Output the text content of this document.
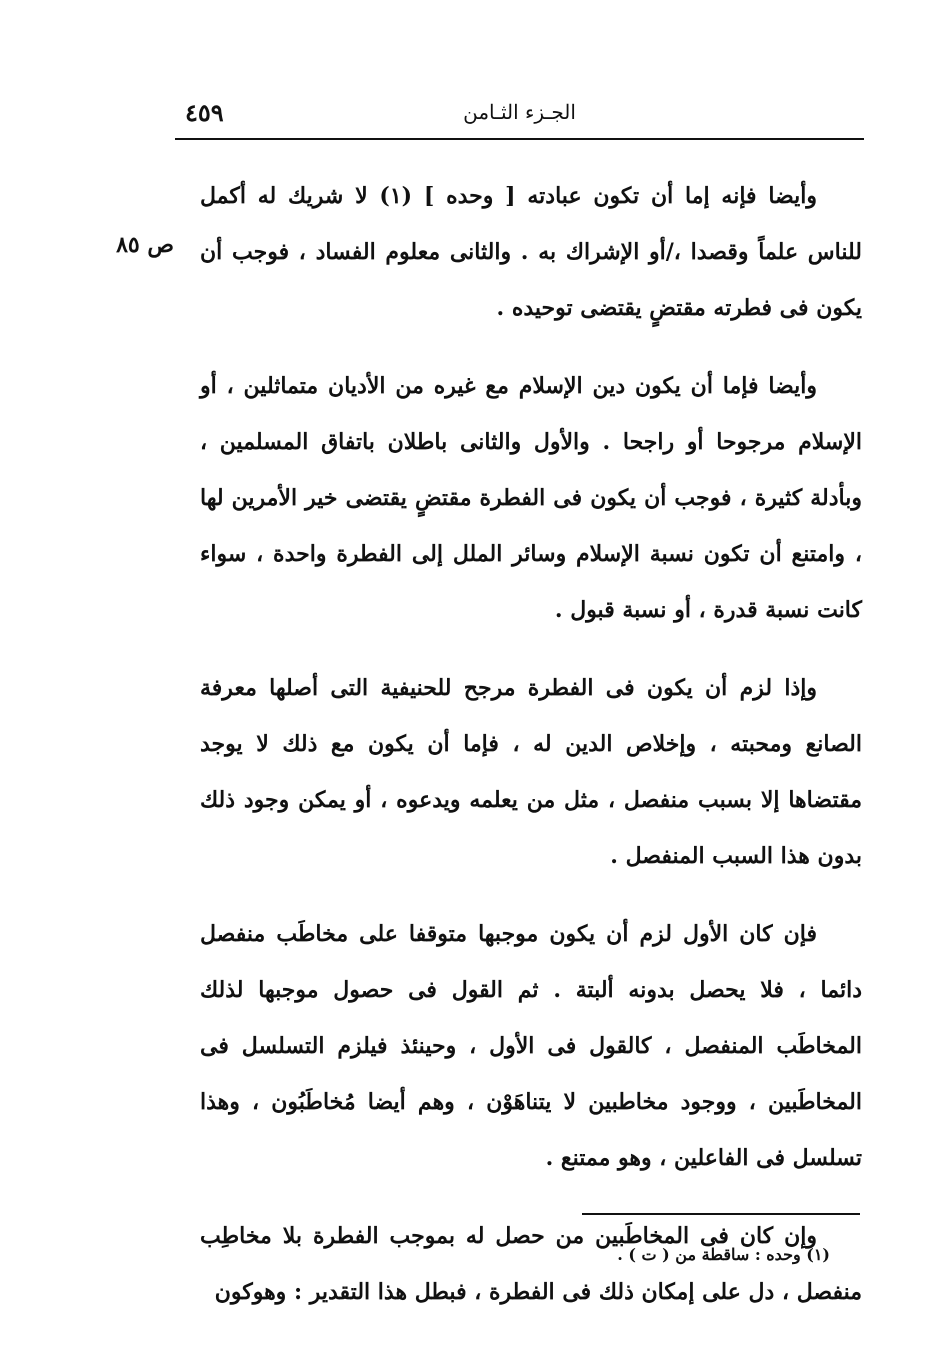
٤٥٩	الجـزء الثـامن
ص ٨٥

وأيضا فإنه إما أن تكون عبادته [ وحده ] (١) لا شريك له أكمل للناس علماً وقصدا ،/أو الإشراك به . والثانى معلوم الفساد ، فوجب أن يكون فى فطرته مقتضٍ يقتضى توحيده .

وأيضا فإما أن يكون دين الإسلام مع غيره من الأديان متماثلين ، أو الإسلام مرجوحا أو راجحا . والأول والثانى باطلان باتفاق المسلمين ، وبأدلة كثيرة ، فوجب أن يكون فى الفطرة مقتضٍ يقتضى خير الأمرين لها ، وامتنع أن تكون نسبة الإسلام وسائر الملل إلى الفطرة واحدة ، سواء كانت نسبة قدرة ، أو نسبة قبول .

وإذا لزم أن يكون فى الفطرة مرجح للحنيفية التى أصلها معرفة الصانع ومحبته ، وإخلاص الدين له ، فإما أن يكون مع ذلك لا يوجد مقتضاها إلا بسبب منفصل ، مثل من يعلمه ويدعوه ، أو يمكن وجود ذلك بدون هذا السبب المنفصل .

فإن كان الأول لزم أن يكون موجبها متوقفا على مخاطَب منفصل دائما ، فلا يحصل بدونه ألبتة . ثم القول فى حصول موجبها لذلك المخاطَب المنفصل ، كالقول فى الأول ، وحينئذ فيلزم التسلسل فى المخاطَبين ، ووجود مخاطبين لا يتناهَوْن ، وهم أيضا مُخاطَبُون ، وهذا تسلسل فى الفاعلين ، وهو ممتنع .

وإن كان فى المخاطَبين من حصل له بموجب الفطرة بلا مخاطِب منفصل ، دل على إمكان ذلك فى الفطرة ، فبطل هذا التقدير : وهوكون

(١) وحده : ساقطة من ( ت ) .
